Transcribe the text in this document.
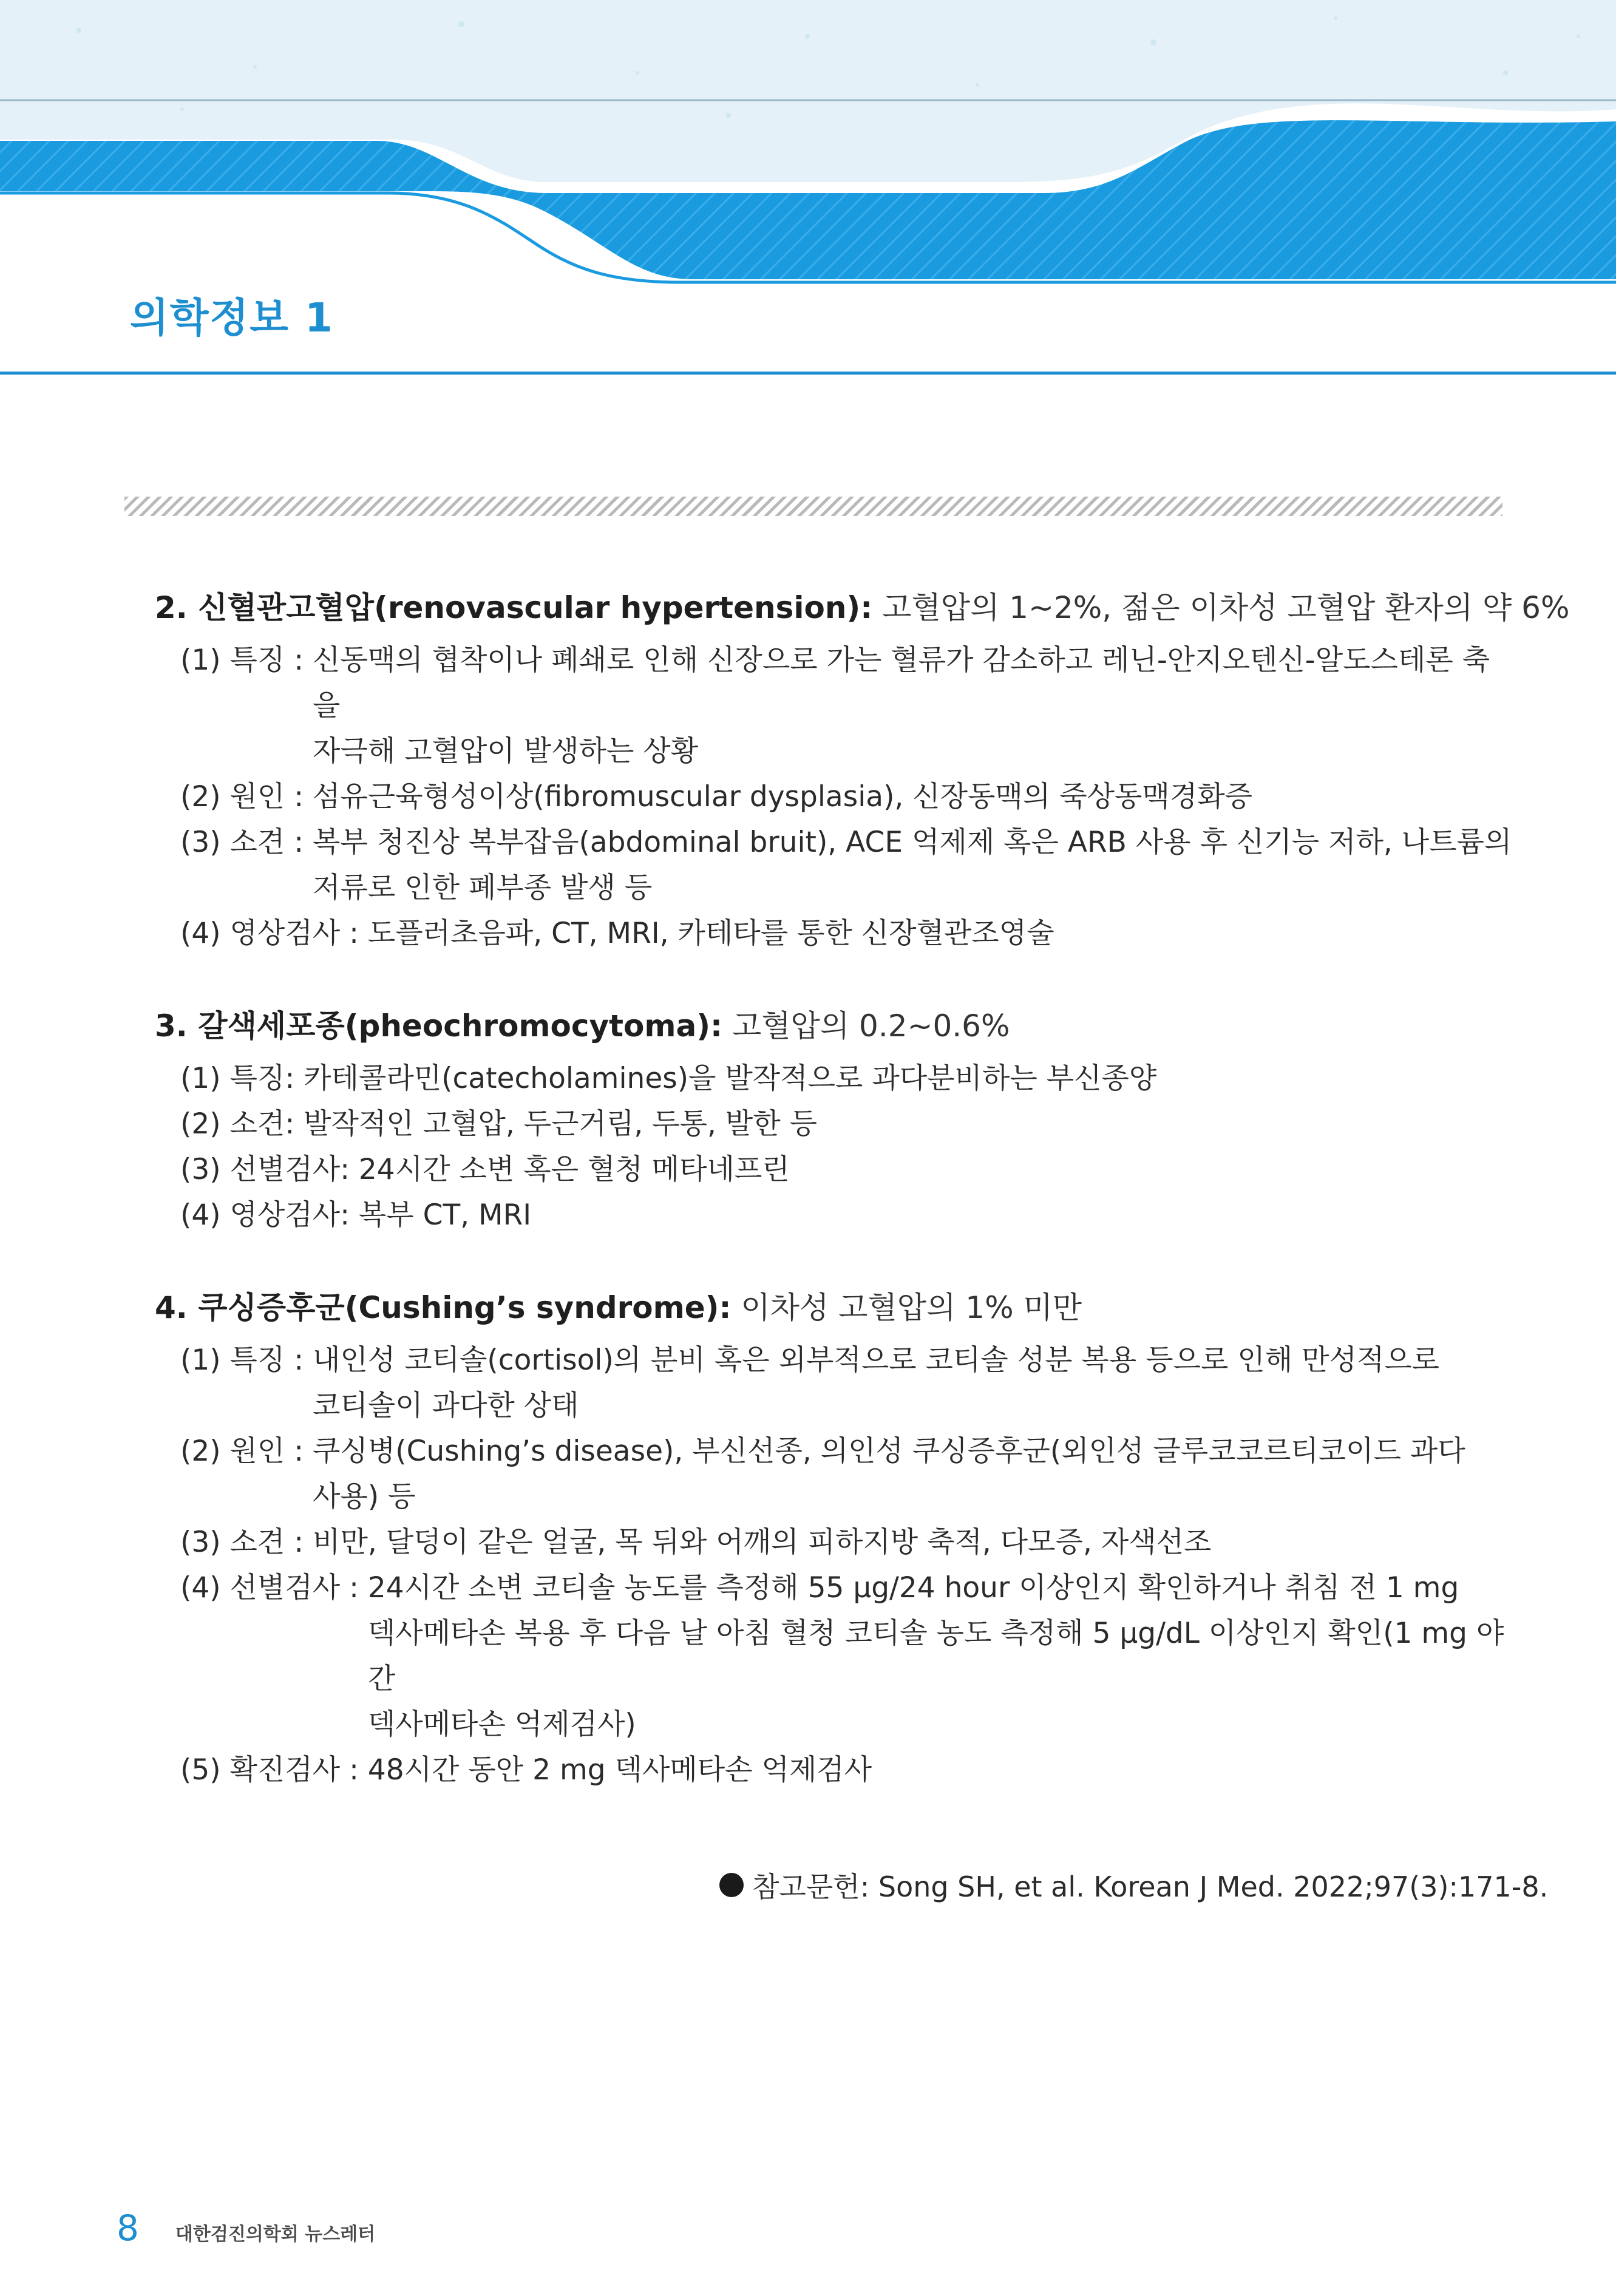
의학정보 1

2. 신혈관고혈압(renovascular hypertension): 고혈압의 1~2%, 젊은 이차성 고혈압 환자의 약 6%

(1) 특징 : 신동맥의 협착이나 폐쇄로 인해 신장으로 가는 혈류가 감소하고 레닌-안지오텐신-알도스테론 축을
자극해 고혈압이 발생하는 상황
(2) 원인 : 섬유근육형성이상(fibromuscular dysplasia), 신장동맥의 죽상동맥경화증
(3) 소견 : 복부 청진상 복부잡음(abdominal bruit), ACE 억제제 혹은 ARB 사용 후 신기능 저하, 나트륨의
저류로 인한 폐부종 발생 등
(4) 영상검사 : 도플러초음파, CT, MRI, 카테타를 통한 신장혈관조영술

3. 갈색세포종(pheochromocytoma): 고혈압의 0.2~0.6%

(1) 특징: 카테콜라민(catecholamines)을 발작적으로 과다분비하는 부신종양
(2) 소견: 발작적인 고혈압, 두근거림, 두통, 발한 등
(3) 선별검사: 24시간 소변 혹은 혈청 메타네프린
(4) 영상검사: 복부 CT, MRI

4. 쿠싱증후군(Cushing’s syndrome): 이차성 고혈압의 1% 미만

(1) 특징 : 내인성 코티솔(cortisol)의 분비 혹은 외부적으로 코티솔 성분 복용 등으로 인해 만성적으로
코티솔이 과다한 상태
(2) 원인 : 쿠싱병(Cushing’s disease), 부신선종, 의인성 쿠싱증후군(외인성 글루코코르티코이드 과다
사용) 등
(3) 소견 : 비만, 달덩이 같은 얼굴, 목 뒤와 어깨의 피하지방 축적, 다모증, 자색선조
(4) 선별검사 : 24시간 소변 코티솔 농도를 측정해 55 μg/24 hour 이상인지 확인하거나 취침 전 1 mg
덱사메타손 복용 후 다음 날 아침 혈청 코티솔 농도 측정해 5 μg/dL 이상인지 확인(1 mg 야간
덱사메타손 억제검사)
(5) 확진검사 : 48시간 동안 2 mg 덱사메타손 억제검사
참고문헌: Song SH, et al. Korean J Med. 2022;97(3):171-8.
8 대한검진의학회 뉴스레터
